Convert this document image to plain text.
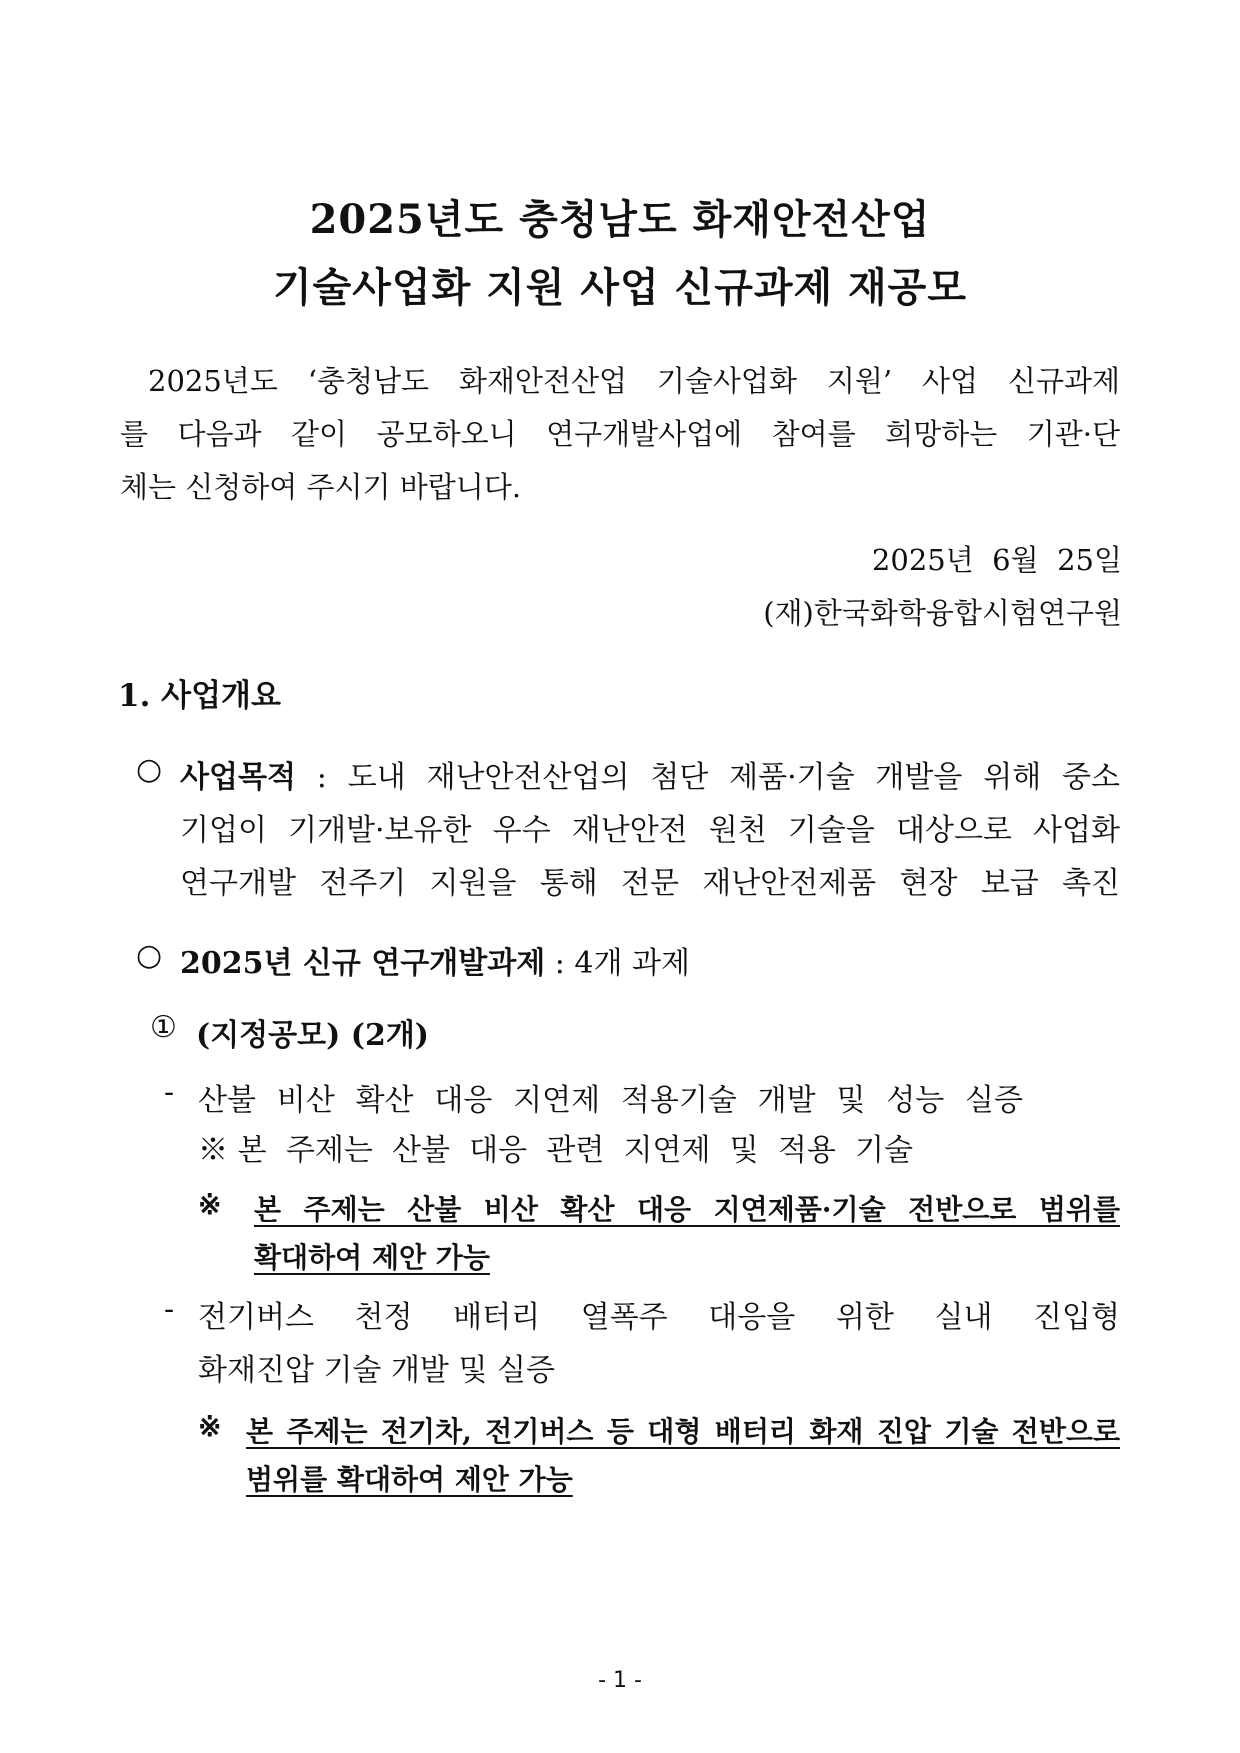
2025년도 충청남도 화재안전산업
기술사업화 지원 사업 신규과제 재공모
2025년도 ‘충청남도 화재안전산업 기술사업화 지원’ 사업 신규과제
를 다음과 같이 공모하오니 연구개발사업에 참여를 희망하는 기관·단
체는 신청하여 주시기 바랍니다.
2025년  6월  25일
(재)한국화학융합시험연구원
1. 사업개요
○ 사업목적 : 도내 재난안전산업의 첨단 제품·기술 개발을 위해 중소
기업이 기개발·보유한 우수 재난안전 원천 기술을 대상으로 사업화
연구개발 전주기 지원을 통해 전문 재난안전제품 현장 보급 촉진
○ 2025년 신규 연구개발과제 : 4개 과제
① (지정공모) (2개)
- 산불 비산 확산 대응 지연제 적용기술 개발 및 성능 실증
※본 주제는 산불 대응 관련 지연제 및 적용 기술
※ 본 주제는 산불 비산 확산 대응 지연제품·기술 전반으로 범위를
확대하여 제안 가능
- 전기버스 천정 배터리 열폭주 대응을 위한 실내 진입형
화재진압 기술 개발 및 실증
※ 본 주제는 전기차, 전기버스 등 대형 배터리 화재 진압 기술 전반으로
범위를 확대하여 제안 가능
- 1 -
